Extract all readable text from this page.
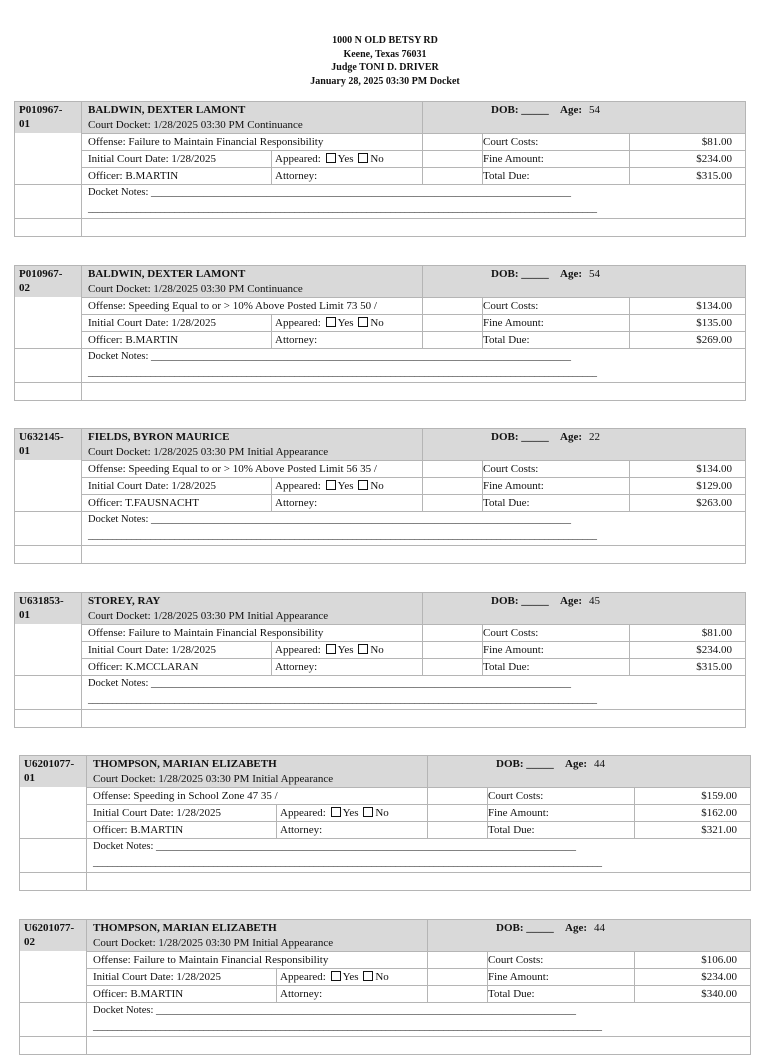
1000 N OLD BETSY RD
Keene, Texas 76031
Judge TONI D. DRIVER
January 28, 2025 03:30 PM Docket
P010967-
01
BALDWIN, DEXTER LAMONT	DOB: _____ Age: 54
Court Docket: 1/28/2025 03:30 PM Continuance
Offense: Failure to Maintain Financial Responsibility	Court Costs:	$81.00
Initial Court Date: 1/28/2025	Appeared: Yes No	Fine Amount:	$234.00
Officer: B.MARTIN	Attorney:	Total Due:	$315.00
Docket Notes: ________________________________________________________________________________
__________________________________________________________________________________________________________
P010967-
02
BALDWIN, DEXTER LAMONT	DOB: _____ Age: 54
Court Docket: 1/28/2025 03:30 PM Continuance
Offense: Speeding Equal to or > 10% Above Posted Limit 73 50 /	Court Costs:	$134.00
Initial Court Date: 1/28/2025	Appeared: Yes No	Fine Amount:	$135.00
Officer: B.MARTIN	Attorney:	Total Due:	$269.00
Docket Notes: ________________________________________________________________________________
__________________________________________________________________________________________________________
U632145-
01
FIELDS, BYRON MAURICE	DOB: _____ Age: 22
Court Docket: 1/28/2025 03:30 PM Initial Appearance
Offense: Speeding Equal to or > 10% Above Posted Limit 56 35 /	Court Costs:	$134.00
Initial Court Date: 1/28/2025	Appeared: Yes No	Fine Amount:	$129.00
Officer: T.FAUSNACHT	Attorney:	Total Due:	$263.00
Docket Notes: ________________________________________________________________________________
__________________________________________________________________________________________________________
U631853-
01
STOREY, RAY	DOB: _____ Age: 45
Court Docket: 1/28/2025 03:30 PM Initial Appearance
Offense: Failure to Maintain Financial Responsibility	Court Costs:	$81.00
Initial Court Date: 1/28/2025	Appeared: Yes No	Fine Amount:	$234.00
Officer: K.MCCLARAN	Attorney:	Total Due:	$315.00
Docket Notes: ________________________________________________________________________________
__________________________________________________________________________________________________________
U6201077-
01
THOMPSON, MARIAN ELIZABETH	DOB: _____ Age: 44
Court Docket: 1/28/2025 03:30 PM Initial Appearance
Offense: Speeding in School Zone 47 35 /	Court Costs:	$159.00
Initial Court Date: 1/28/2025	Appeared: Yes No	Fine Amount:	$162.00
Officer: B.MARTIN	Attorney:	Total Due:	$321.00
Docket Notes: ________________________________________________________________________________
__________________________________________________________________________________________________________
U6201077-
02
THOMPSON, MARIAN ELIZABETH	DOB: _____ Age: 44
Court Docket: 1/28/2025 03:30 PM Initial Appearance
Offense: Failure to Maintain Financial Responsibility	Court Costs:	$106.00
Initial Court Date: 1/28/2025	Appeared: Yes No	Fine Amount:	$234.00
Officer: B.MARTIN	Attorney:	Total Due:	$340.00
Docket Notes: ________________________________________________________________________________
__________________________________________________________________________________________________________
